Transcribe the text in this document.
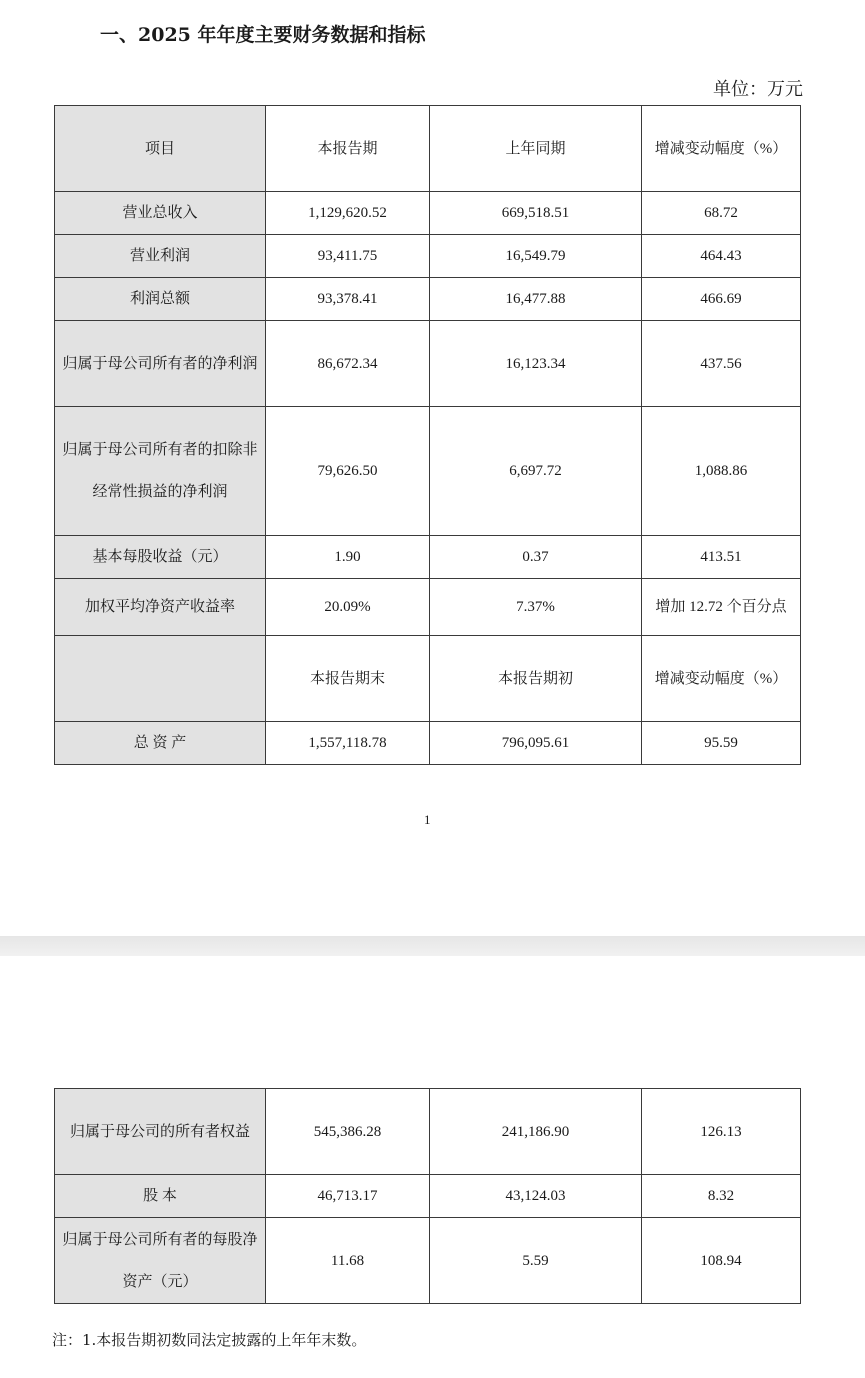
一、2025 年年度主要财务数据和指标
单位：万元
项目	本报告期	上年同期	增减变动幅度（%）
营业总收入	1,129,620.52	669,518.51	68.72
营业利润	93,411.75	16,549.79	464.43
利润总额	93,378.41	16,477.88	466.69
归属于母公司所有者的净利润	86,672.34	16,123.34	437.56
归属于母公司所有者的扣除非经常性损益的净利润	79,626.50	6,697.72	1,088.86
基本每股收益（元）	1.90	0.37	413.51
加权平均净资产收益率	20.09%	7.37%	增加 12.72 个百分点
	本报告期末	本报告期初	增减变动幅度（%）
总 资 产	1,557,118.78	796,095.61	95.59
1
归属于母公司的所有者权益	545,386.28	241,186.90	126.13
股 本	46,713.17	43,124.03	8.32
归属于母公司所有者的每股净资产（元）	11.68	5.59	108.94
注：1.本报告期初数同法定披露的上年年末数。
